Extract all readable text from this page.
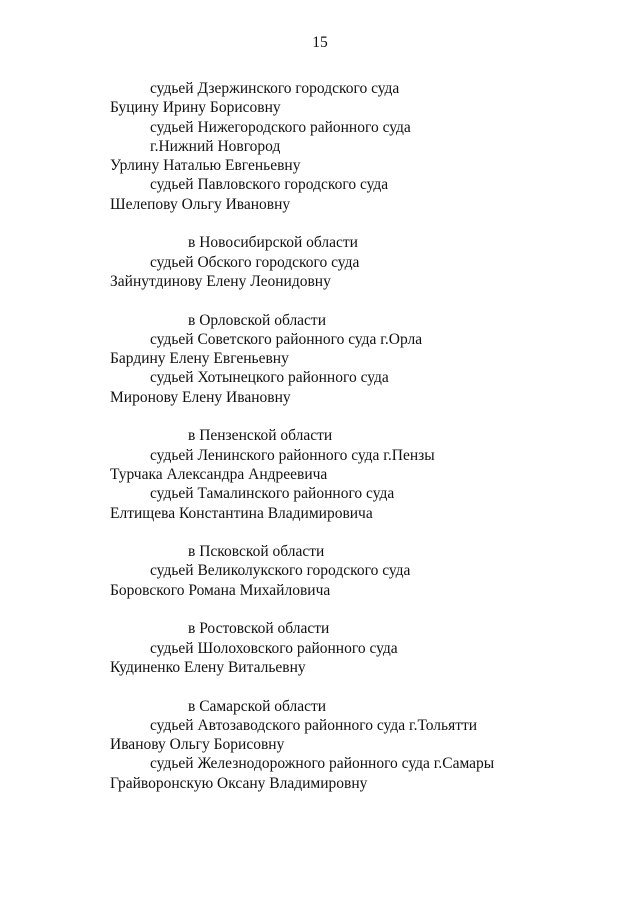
15
судьей Дзержинского городского суда
Буцину Ирину Борисовну
судьей Нижегородского районного суда
г.Нижний Новгород
Урлину Наталью Евгеньевну
судьей Павловского городского суда
Шелепову Ольгу Ивановну
в Новосибирской области
судьей Обского городского суда
Зайнутдинову Елену Леонидовну
в Орловской области
судьей Советского районного суда г.Орла
Бардину Елену Евгеньевну
судьей Хотынецкого районного суда
Миронову Елену Ивановну
в Пензенской области
судьей Ленинского районного суда г.Пензы
Турчака Александра Андреевича
судьей Тамалинского районного суда
Елтищева Константина Владимировича
в Псковской области
судьей Великолукского городского суда
Боровского Романа Михайловича
в Ростовской области
судьей Шолоховского районного суда
Кудиненко Елену Витальевну
в Самарской области
судьей Автозаводского районного суда г.Тольятти
Иванову Ольгу Борисовну
судьей Железнодорожного районного суда г.Самары
Грайворонскую Оксану Владимировну
